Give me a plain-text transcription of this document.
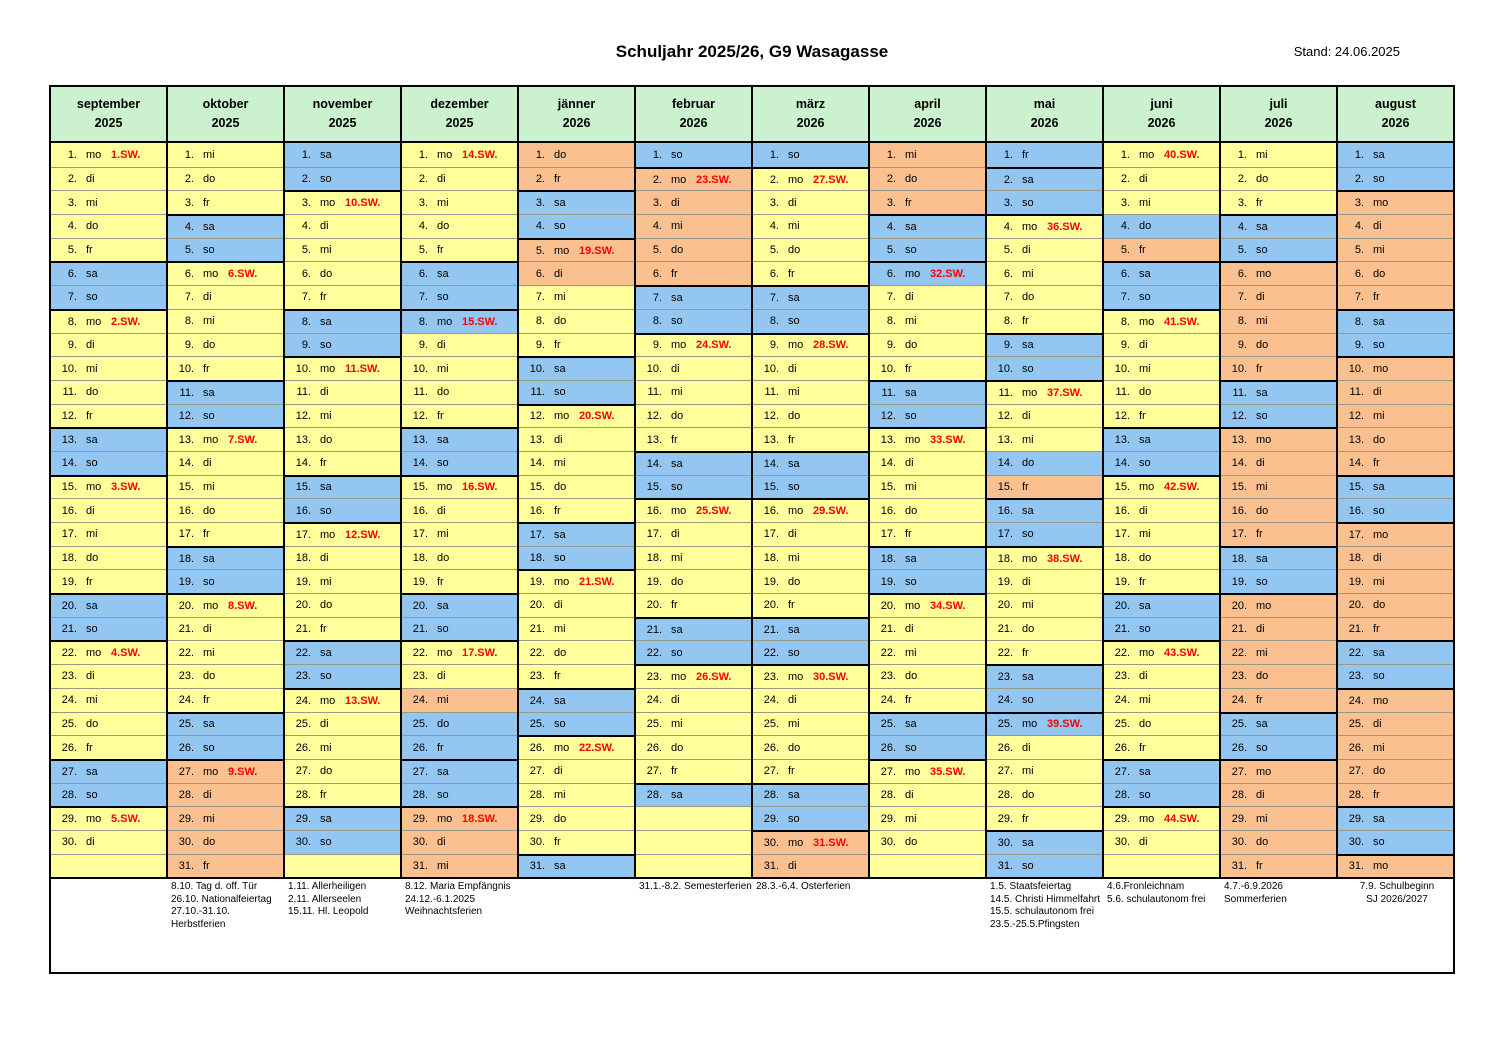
Schuljahr 2025/26, G9 Wasagasse	Stand: 24.06.2025
september
2025
1. mo 1.SW.
2. di
3. mi
4. do
5. fr
6. sa
7. so
8. mo 2.SW.
9. di
10. mi
11. do
12. fr
13. sa
14. so
15. mo 3.SW.
16. di
17. mi
18. do
19. fr
20. sa
21. so
22. mo 4.SW.
23. di
24. mi
25. do
26. fr
27. sa
28. so
29. mo 5.SW.
30. di
oktober
2025
1. mi
2. do
3. fr
4. sa
5. so
6. mo 6.SW.
7. di
8. mi
9. do
10. fr
11. sa
12. so
13. mo 7.SW.
14. di
15. mi
16. do
17. fr
18. sa
19. so
20. mo 8.SW.
21. di
22. mi
23. do
24. fr
25. sa
26. so
27. mo 9.SW.
28. di
29. mi
30. do
31. fr
november
2025
1. sa
2. so
3. mo 10.SW.
4. di
5. mi
6. do
7. fr
8. sa
9. so
10. mo 11.SW.
11. di
12. mi
13. do
14. fr
15. sa
16. so
17. mo 12.SW.
18. di
19. mi
20. do
21. fr
22. sa
23. so
24. mo 13.SW.
25. di
26. mi
27. do
28. fr
29. sa
30. so
dezember
2025
1. mo 14.SW.
2. di
3. mi
4. do
5. fr
6. sa
7. so
8. mo 15.SW.
9. di
10. mi
11. do
12. fr
13. sa
14. so
15. mo 16.SW.
16. di
17. mi
18. do
19. fr
20. sa
21. so
22. mo 17.SW.
23. di
24. mi
25. do
26. fr
27. sa
28. so
29. mo 18.SW.
30. di
31. mi
jänner
2026
1. do
2. fr
3. sa
4. so
5. mo 19.SW.
6. di
7. mi
8. do
9. fr
10. sa
11. so
12. mo 20.SW.
13. di
14. mi
15. do
16. fr
17. sa
18. so
19. mo 21.SW.
20. di
21. mi
22. do
23. fr
24. sa
25. so
26. mo 22.SW.
27. di
28. mi
29. do
30. fr
31. sa
februar
2026
1. so
2. mo 23.SW.
3. di
4. mi
5. do
6. fr
7. sa
8. so
9. mo 24.SW.
10. di
11. mi
12. do
13. fr
14. sa
15. so
16. mo 25.SW.
17. di
18. mi
19. do
20. fr
21. sa
22. so
23. mo 26.SW.
24. di
25. mi
26. do
27. fr
28. sa
märz
2026
1. so
2. mo 27.SW.
3. di
4. mi
5. do
6. fr
7. sa
8. so
9. mo 28.SW.
10. di
11. mi
12. do
13. fr
14. sa
15. so
16. mo 29.SW.
17. di
18. mi
19. do
20. fr
21. sa
22. so
23. mo 30.SW.
24. di
25. mi
26. do
27. fr
28. sa
29. so
30. mo 31.SW.
31. di
april
2026
1. mi
2. do
3. fr
4. sa
5. so
6. mo 32.SW.
7. di
8. mi
9. do
10. fr
11. sa
12. so
13. mo 33.SW.
14. di
15. mi
16. do
17. fr
18. sa
19. so
20. mo 34.SW.
21. di
22. mi
23. do
24. fr
25. sa
26. so
27. mo 35.SW.
28. di
29. mi
30. do
mai
2026
1. fr
2. sa
3. so
4. mo 36.SW.
5. di
6. mi
7. do
8. fr
9. sa
10. so
11. mo 37.SW.
12. di
13. mi
14. do
15. fr
16. sa
17. so
18. mo 38.SW.
19. di
20. mi
21. do
22. fr
23. sa
24. so
25. mo 39.SW.
26. di
27. mi
28. do
29. fr
30. sa
31. so
juni
2026
1. mo 40.SW.
2. di
3. mi
4. do
5. fr
6. sa
7. so
8. mo 41.SW.
9. di
10. mi
11. do
12. fr
13. sa
14. so
15. mo 42.SW.
16. di
17. mi
18. do
19. fr
20. sa
21. so
22. mo 43.SW.
23. di
24. mi
25. do
26. fr
27. sa
28. so
29. mo 44.SW.
30. di
juli
2026
1. mi
2. do
3. fr
4. sa
5. so
6. mo
7. di
8. mi
9. do
10. fr
11. sa
12. so
13. mo
14. di
15. mi
16. do
17. fr
18. sa
19. so
20. mo
21. di
22. mi
23. do
24. fr
25. sa
26. so
27. mo
28. di
29. mi
30. do
31. fr
august
2026
1. sa
2. so
3. mo
4. di
5. mi
6. do
7. fr
8. sa
9. so
10. mo
11. di
12. mi
13. do
14. fr
15. sa
16. so
17. mo
18. di
19. mi
20. do
21. fr
22. sa
23. so
24. mo
25. di
26. mi
27. do
28. fr
29. sa
30. so
31. mo
8.10. Tag d. off. Tür
26.10. Nationalfeiertag
27.10.-31.10.
Herbstferien
1.11. Allerheiligen
2.11. Allerseelen
15.11. Hl. Leopold
8.12. Maria Empfängnis
24.12.-6.1.2025
Weihnachtsferien
31.1.-8.2. Semesterferien 28.3.-6.4. Osterferien	1.5. Staatsfeiertag
14.5. Christi Himmelfahrt
15.5. schulautonom frei
23.5.-25.5.Pfingsten
4.6.Fronleichnam
5.6. schulautonom frei
4.7.-6.9.2026
Sommerferien
7.9. Schulbeginn
SJ 2026/2027
